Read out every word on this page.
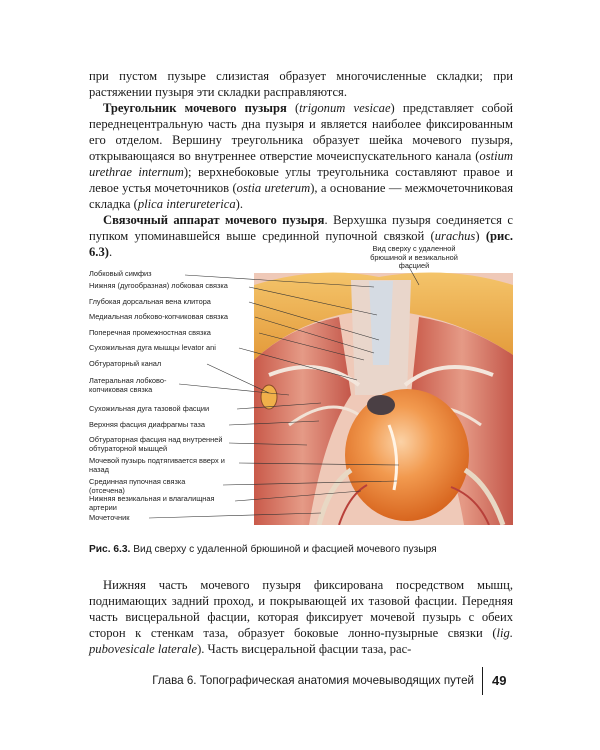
при пустом пузыре слизистая образует многочисленные складки; при растяжении пузыря эти складки расправляются.

Треугольник мочевого пузыря (trigonum vesicae) представляет собой переднецентральную часть дна пузыря и является наиболее фиксированным его отделом. Вершину треугольника образует шейка мочевого пузыря, открывающаяся во внутреннее отверстие мочеиспускательного канала (ostium urethrae internum); верхнебоковые углы треугольника составляют правое и левое устья мочеточников (ostia ureterum), а основание — межмочеточниковая складка (plica interureterica).

Связочный аппарат мочевого пузыря. Верхушка пузыря соединяется с пупком упоминавшейся выше срединной пупочной связкой (urachus) (рис. 6.3).	Вид сверху с удаленной брюшиной и везикальной фасцией
Лобковый симфиз
Нижняя (дугообразная) лобковая связка
Глубокая дорсальная вена клитора
Медиальная лобково-копчиковая связка
Поперечная промежностная связка
Сухожильная дуга мышцы levator ani
Обтураторный канал
Латеральная лобково-копчиковая связка
Сухожильная дуга тазовой фасции
Верхняя фасция диафрагмы таза
Обтураторная фасция над внутренней обтураторной мышцей
Мочевой пузырь подтягивается вверх и назад
Срединная пупочная связка (отсечена)
Нижняя везикальная и влагалищная артерии
Мочеточник
Рис. 6.3. Вид сверху с удаленной брюшиной и фасцией мочевого пузыря

Нижняя часть мочевого пузыря фиксирована посредством мышц, поднимающих задний проход, и покрывающей их тазовой фасции. Передняя часть висцеральной фасции, которая фиксирует мочевой пузырь с обеих сторон к стенкам таза, образует боковые лонно-пузырные связки (lig. pubovesicale laterale). Часть висцеральной фасции таза, рас-

Глава 6. Топографическая анатомия мочевыводящих путей 49
